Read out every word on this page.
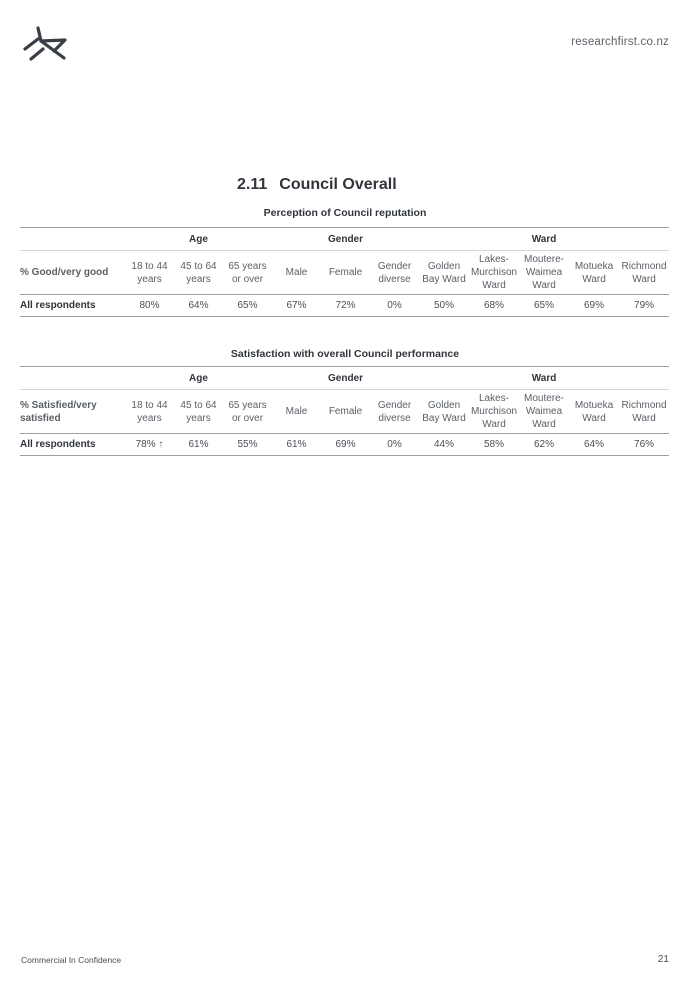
researchfirst.co.nz
2.11 Council Overall
Perception of Council reputation
	Age			Gender			Ward				
% Good/very good	18 to 44 years	45 to 64 years	65 years or over	Male	Female	Gender diverse	Golden Bay Ward	Lakes-Murchison Ward	Moutere-Waimea Ward	Motueka Ward	Richmond Ward
All respondents	80%	64%	65%	67%	72%	0%	50%	68%	65%	69%	79%
Satisfaction with overall Council performance
	Age			Gender			Ward				
% Satisfied/very satisfied	18 to 44 years	45 to 64 years	65 years or over	Male	Female	Gender diverse	Golden Bay Ward	Lakes-Murchison Ward	Moutere-Waimea Ward	Motueka Ward	Richmond Ward
All respondents	78% ↑	61%	55%	61%	69%	0%	44%	58%	62%	64%	76%
Commercial In Confidence	21
